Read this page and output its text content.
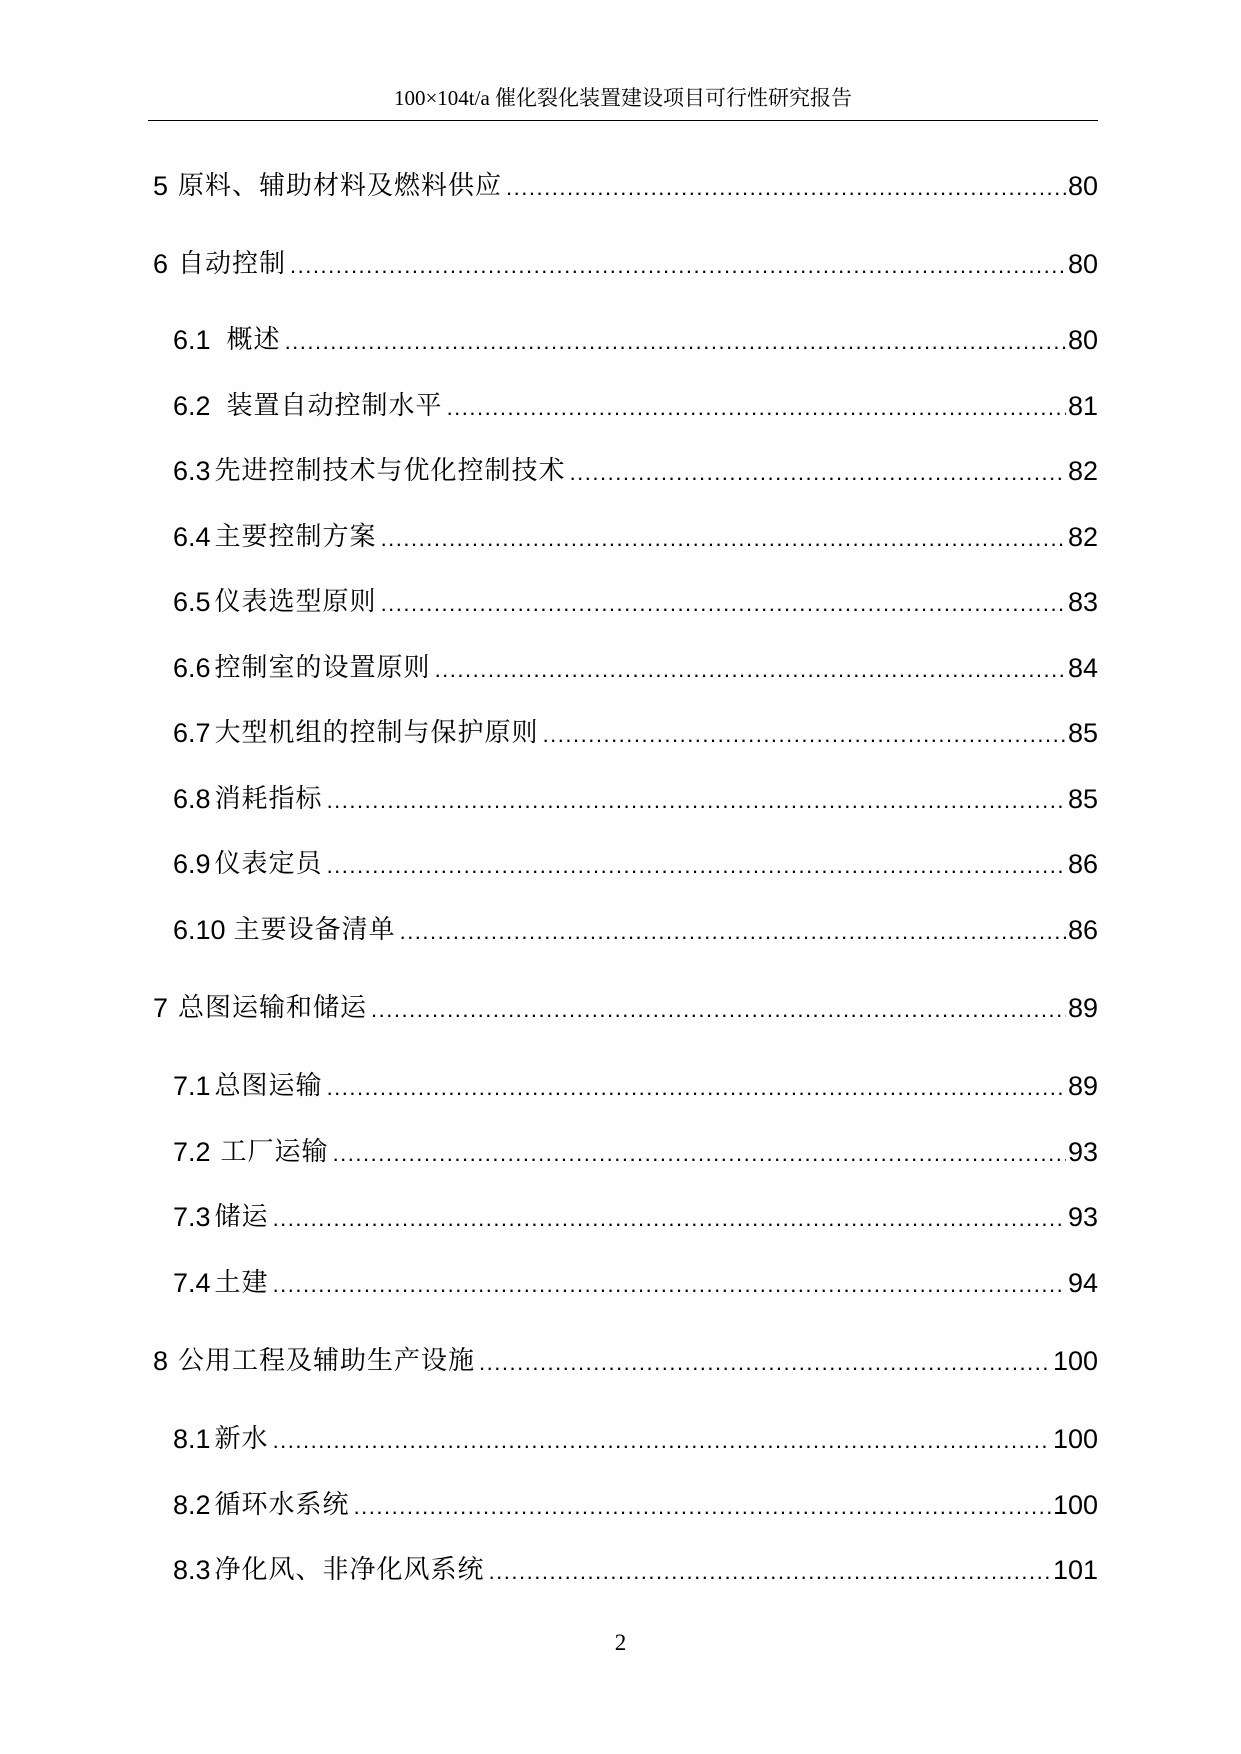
100×104t/a 催化裂化装置建设项目可行性研究报告
5 原料、辅助材料及燃料供应 .....	80
6 自动控制 .....	80
6.1 概述 .....	80
6.2 装置自动控制水平 .....	81
6.3 先进控制技术与优化控制技术 .....	82
6.4 主要控制方案 .....	82
6.5 仪表选型原则 .....	83
6.6 控制室的设置原则 .....	84
6.7 大型机组的控制与保护原则 .....	85
6.8 消耗指标 .....	85
6.9 仪表定员 .....	86
6.10 主要设备清单 .....	86
7 总图运输和储运 .....	89
7.1 总图运输 .....	89
7.2 工厂运输 .....	93
7.3 储运 .....	93
7.4 土建 .....	94
8 公用工程及辅助生产设施 .....	100
8.1 新水 .....	100
8.2 循环水系统 .....	100
8.3 净化风、非净化风系统 .....	101
2
